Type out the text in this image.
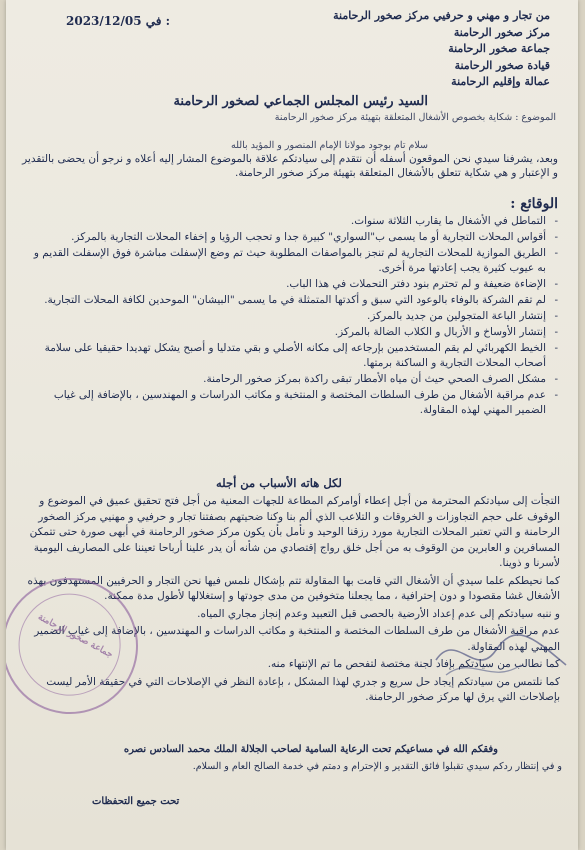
2023/12/05 في :	من تجار و مهني و حرفيي مركز صخور الرحامنة
مركز صخور الرحامنة
جماعة صخور الرحامنة
قيادة صخور الرحامنة
عمالة وإقليم الرحامنة
السيد رئيس المجلس الجماعي لصخور الرحامنة
الموضوع : شكاية بخصوص الأشغال المتعلقة بتهيئة مركز صخور الرحامنة
سلام تام بوجود مولانا الإمام المنصور و المؤيد بالله
وبعد، يشرفنا سيدي نحن الموقعون أسفله أن نتقدم إلى سيادتكم علاقة بالموضوع المشار إليه أعلاه و نرجو أن يحضى بالتقدير و الإعتبار و هي شكاية تتعلق بالأشغال المتعلقة بتهيئة مركز صخور الرحامنة.
الوقائع :
- التماطل في الأشغال ما يقارب الثلاثة سنوات.
- أقواس المحلات التجارية أو ما يسمى ب"السواري" كبيرة جدا و تحجب الرؤيا و إخفاء المحلات التجارية بالمركز.
- الطريق الموازية للمحلات التجارية لم تنجز بالمواصفات المطلوبة حيث تم وضع الإسفلت مباشرة فوق الإسفلت القديم و به عيوب كثيرة يجب إعادتها مرة أخرى.
- الإضاءة ضعيفة و لم تحترم بنود دفتر التحملات في هذا الباب.
- لم تقم الشركة بالوفاء بالوعود التي سبق و أكدتها المتمثلة في ما يسمى "البيشان" الموحدين لكافة المحلات التجارية.
- إنتشار الباعة المتجولين من جديد بالمركز.
- إنتشار الأوساخ و الأزبال و الكلاب الضالة بالمركز.
- الخيط الكهربائي لم يقم المستخدمين بإرجاعه إلى مكانه الأصلي و بقي متدليا و أصبح يشكل تهديدا حقيقيا على سلامة أصحاب المحلات التجارية و الساكنة برمتها.
- مشكل الصرف الصحي حيث أن مياه الأمطار تبقى راكدة بمركز صخور الرحامنة.
- عدم مراقبة الأشغال من طرف السلطات المختصة و المنتخبة و مكاتب الدراسات و المهندسين ، بالإضافة إلى غياب الضمير المهني لهذه المقاولة.
لكل هاته الأسباب من أجله

التجأت إلى سيادتكم المحترمة من أجل إعطاء أوامركم المطاعة للجهات المعنية من أجل فتح تحقيق عميق في الموضوع و الوقوف على حجم التجاوزات و الخروقات و التلاعب الذي ألم بنا وكنا ضحيتهم بصفتنا تجار و حرفيي و مهنيي مركز الصخور الرحامنة و التي تعتبر المحلات التجارية مورد رزقنا الوحيد و نأمل بأن يكون مركز صخور الرحامنة في أبهى صورة حتى تتمكن المسافرين و العابرين من الوقوف به من أجل خلق رواج إقتصادي من شأنه أن يدر علينا أرباحا تعيننا على المصاريف اليومية لأسرنا و ذوينا.

كما نحيطكم علما سيدي أن الأشغال التي قامت بها المقاولة تتم بإشكال نلمس فيها نحن التجار و الحرفيين المستهدفون بهذه الأشغال غشا مقصودا و دون إحترافية ، مما يجعلنا متخوفين من مدى جودتها و إستغلالها لأطول مدة ممكنة.

و ننبه سيادتكم إلى عدم إعداد الأرضية بالحصى قبل التعبيد وعدم إنجاز مجاري المياه.

عدم مراقبة الأشغال من طرف السلطات المختصة و المنتخبة و مكاتب الدراسات و المهندسين ، بالإضافة إلى غياب الضمير المهني لهذه المقاولة.

كما نطالب من سيادتكم بإفاد لجنة مختصة لتفحص ما تم الإنتهاء منه.

كما نلتمس من سيادتكم إيجاد حل سريع و جدري لهذا المشكل ، بإعادة النظر في الإصلاحات التي في حقيقة الأمر ليست بإصلاحات التي يرق لها مركز صخور الرحامنة.

وفقكم الله في مساعيكم تحت الرعاية السامية لصاحب الجلالة الملك محمد السادس نصره
و في إنتظار ردكم سيدي تقبلوا فائق التقدير و الإحترام و دمتم في خدمة الصالح العام و السلام.
تحت جميع التحفظات
جماعة صخور الرحامنة
